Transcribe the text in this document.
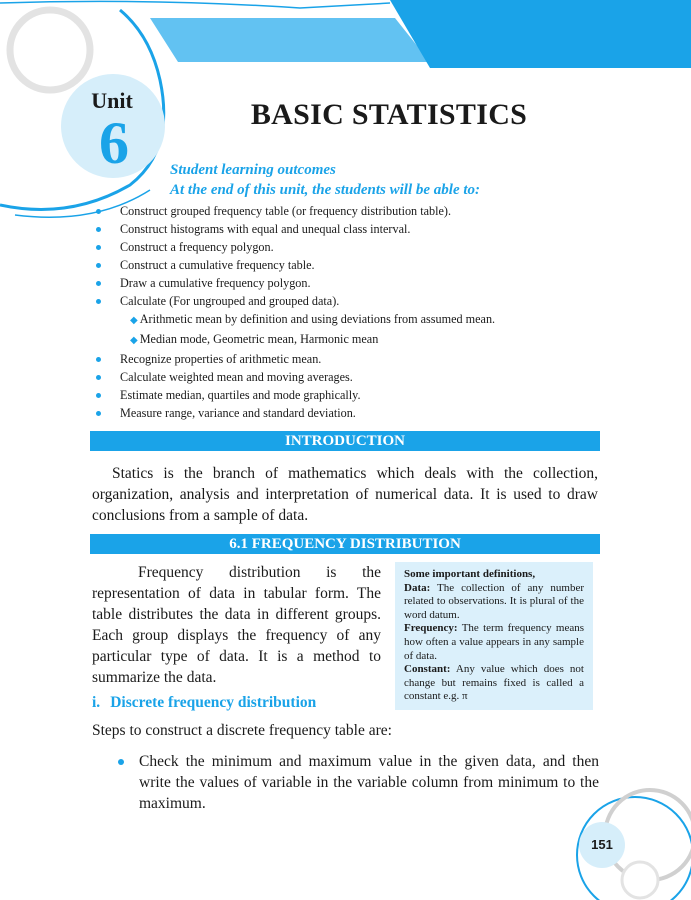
Unit
6	BASIC STATISTICS
Student learning outcomes
At the end of this unit, the students will be able to:
Construct grouped frequency table (or frequency distribution table).
Construct histograms with equal and unequal class interval.
Construct a frequency polygon.
Construct a cumulative frequency table.
Draw a cumulative frequency polygon.
Calculate (For ungrouped and grouped data).
◆ Arithmetic mean by definition and using deviations from assumed mean.
◆ Median mode, Geometric mean, Harmonic mean
Recognize properties of arithmetic mean.
Calculate weighted mean and moving averages.
Estimate median, quartiles and mode graphically.
Measure range, variance and standard deviation.
INTRODUCTION
Statics is the branch of mathematics which deals with the collection, organization, analysis and interpretation of numerical data. It is used to draw conclusions from a sample of data.
6.1 FREQUENCY DISTRIBUTION
Frequency distribution is the representation of data in tabular form. The table distributes the data in different groups. Each group displays the frequency of any particular type of data. It is a method to summarize the data.
Some important definitions,
Data: The collection of any number related to observations. It is plural of the word datum.
Frequency: The term frequency means how often a value appears in any sample of data.
Constant: Any value which does not change but remains fixed is called a constant e.g. π
i. Discrete frequency distribution
Steps to construct a discrete frequency table are:
Check the minimum and maximum value in the given data, and then write the values of variable in the variable column from minimum to the maximum.
151
